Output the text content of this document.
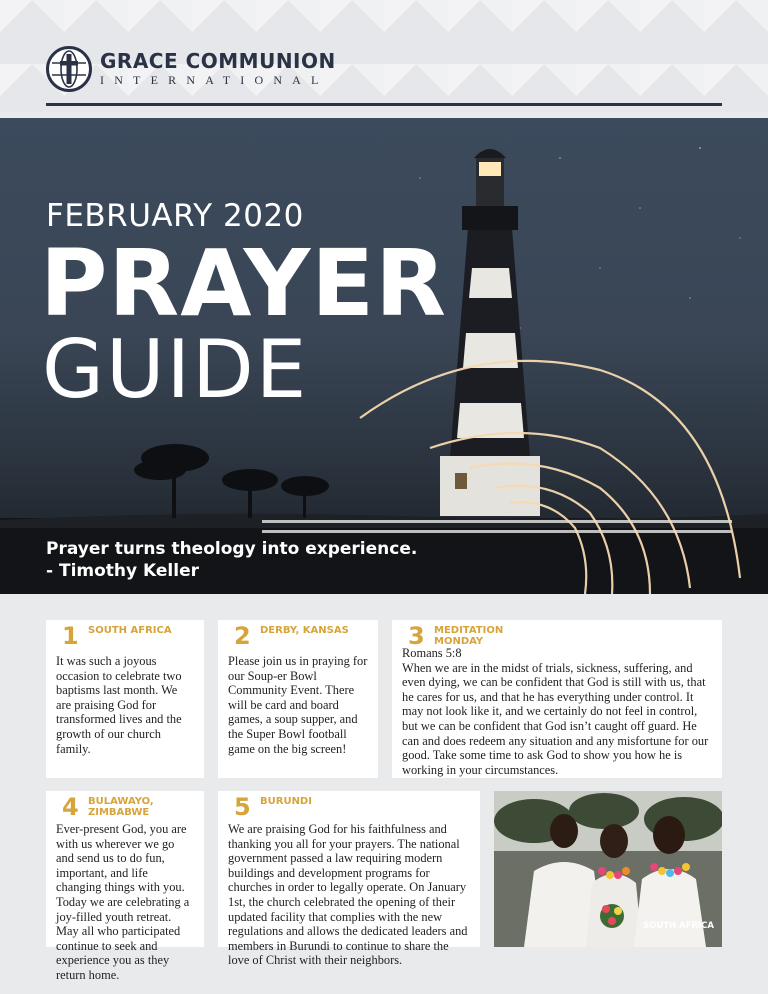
GRACE COMMUNION
INTERNATIONAL
FEBRUARY 2020
PRAYER
GUIDE
Prayer turns theology into experience.
- Timothy Keller
1 SOUTH AFRICA
It was such a joyous occasion to celebrate two baptisms last month. We are praising God for transformed lives and the growth of our church family.
2 DERBY, KANSAS
Please join us in praying for our Soup-er Bowl Community Event. There will be card and board games, a soup supper, and the Super Bowl football game on the big screen!
3 MEDITATION
MONDAY
Romans 5:8
When we are in the midst of trials, sickness, suffering, and even dying, we can be confident that God is still with us, that he cares for us, and that he has everything under control. It may not look like it, and we certainly do not feel in control, but we can be confident that God isn’t caught off guard. He can and does redeem any situation and any misfortune for our good. Take some time to ask God to show you how he is working in your circumstances.
4 BULAWAYO,
ZIMBABWE
Ever-present God, you are with us wherever we go and send us to do fun, important, and life changing things with you. Today we are celebrating a joy-filled youth retreat. May all who participated continue to seek and experience you as they return home.
5 BURUNDI
We are praising God for his faithfulness and thanking you all for your prayers. The national government passed a law requiring modern buildings and development programs for churches in order to legally operate. On January 1st, the church celebrated the opening of their updated facility that complies with the new regulations and allows the dedicated leaders and members in Burundi to continue to share the love of Christ with their neighbors.
SOUTH AFRICA
